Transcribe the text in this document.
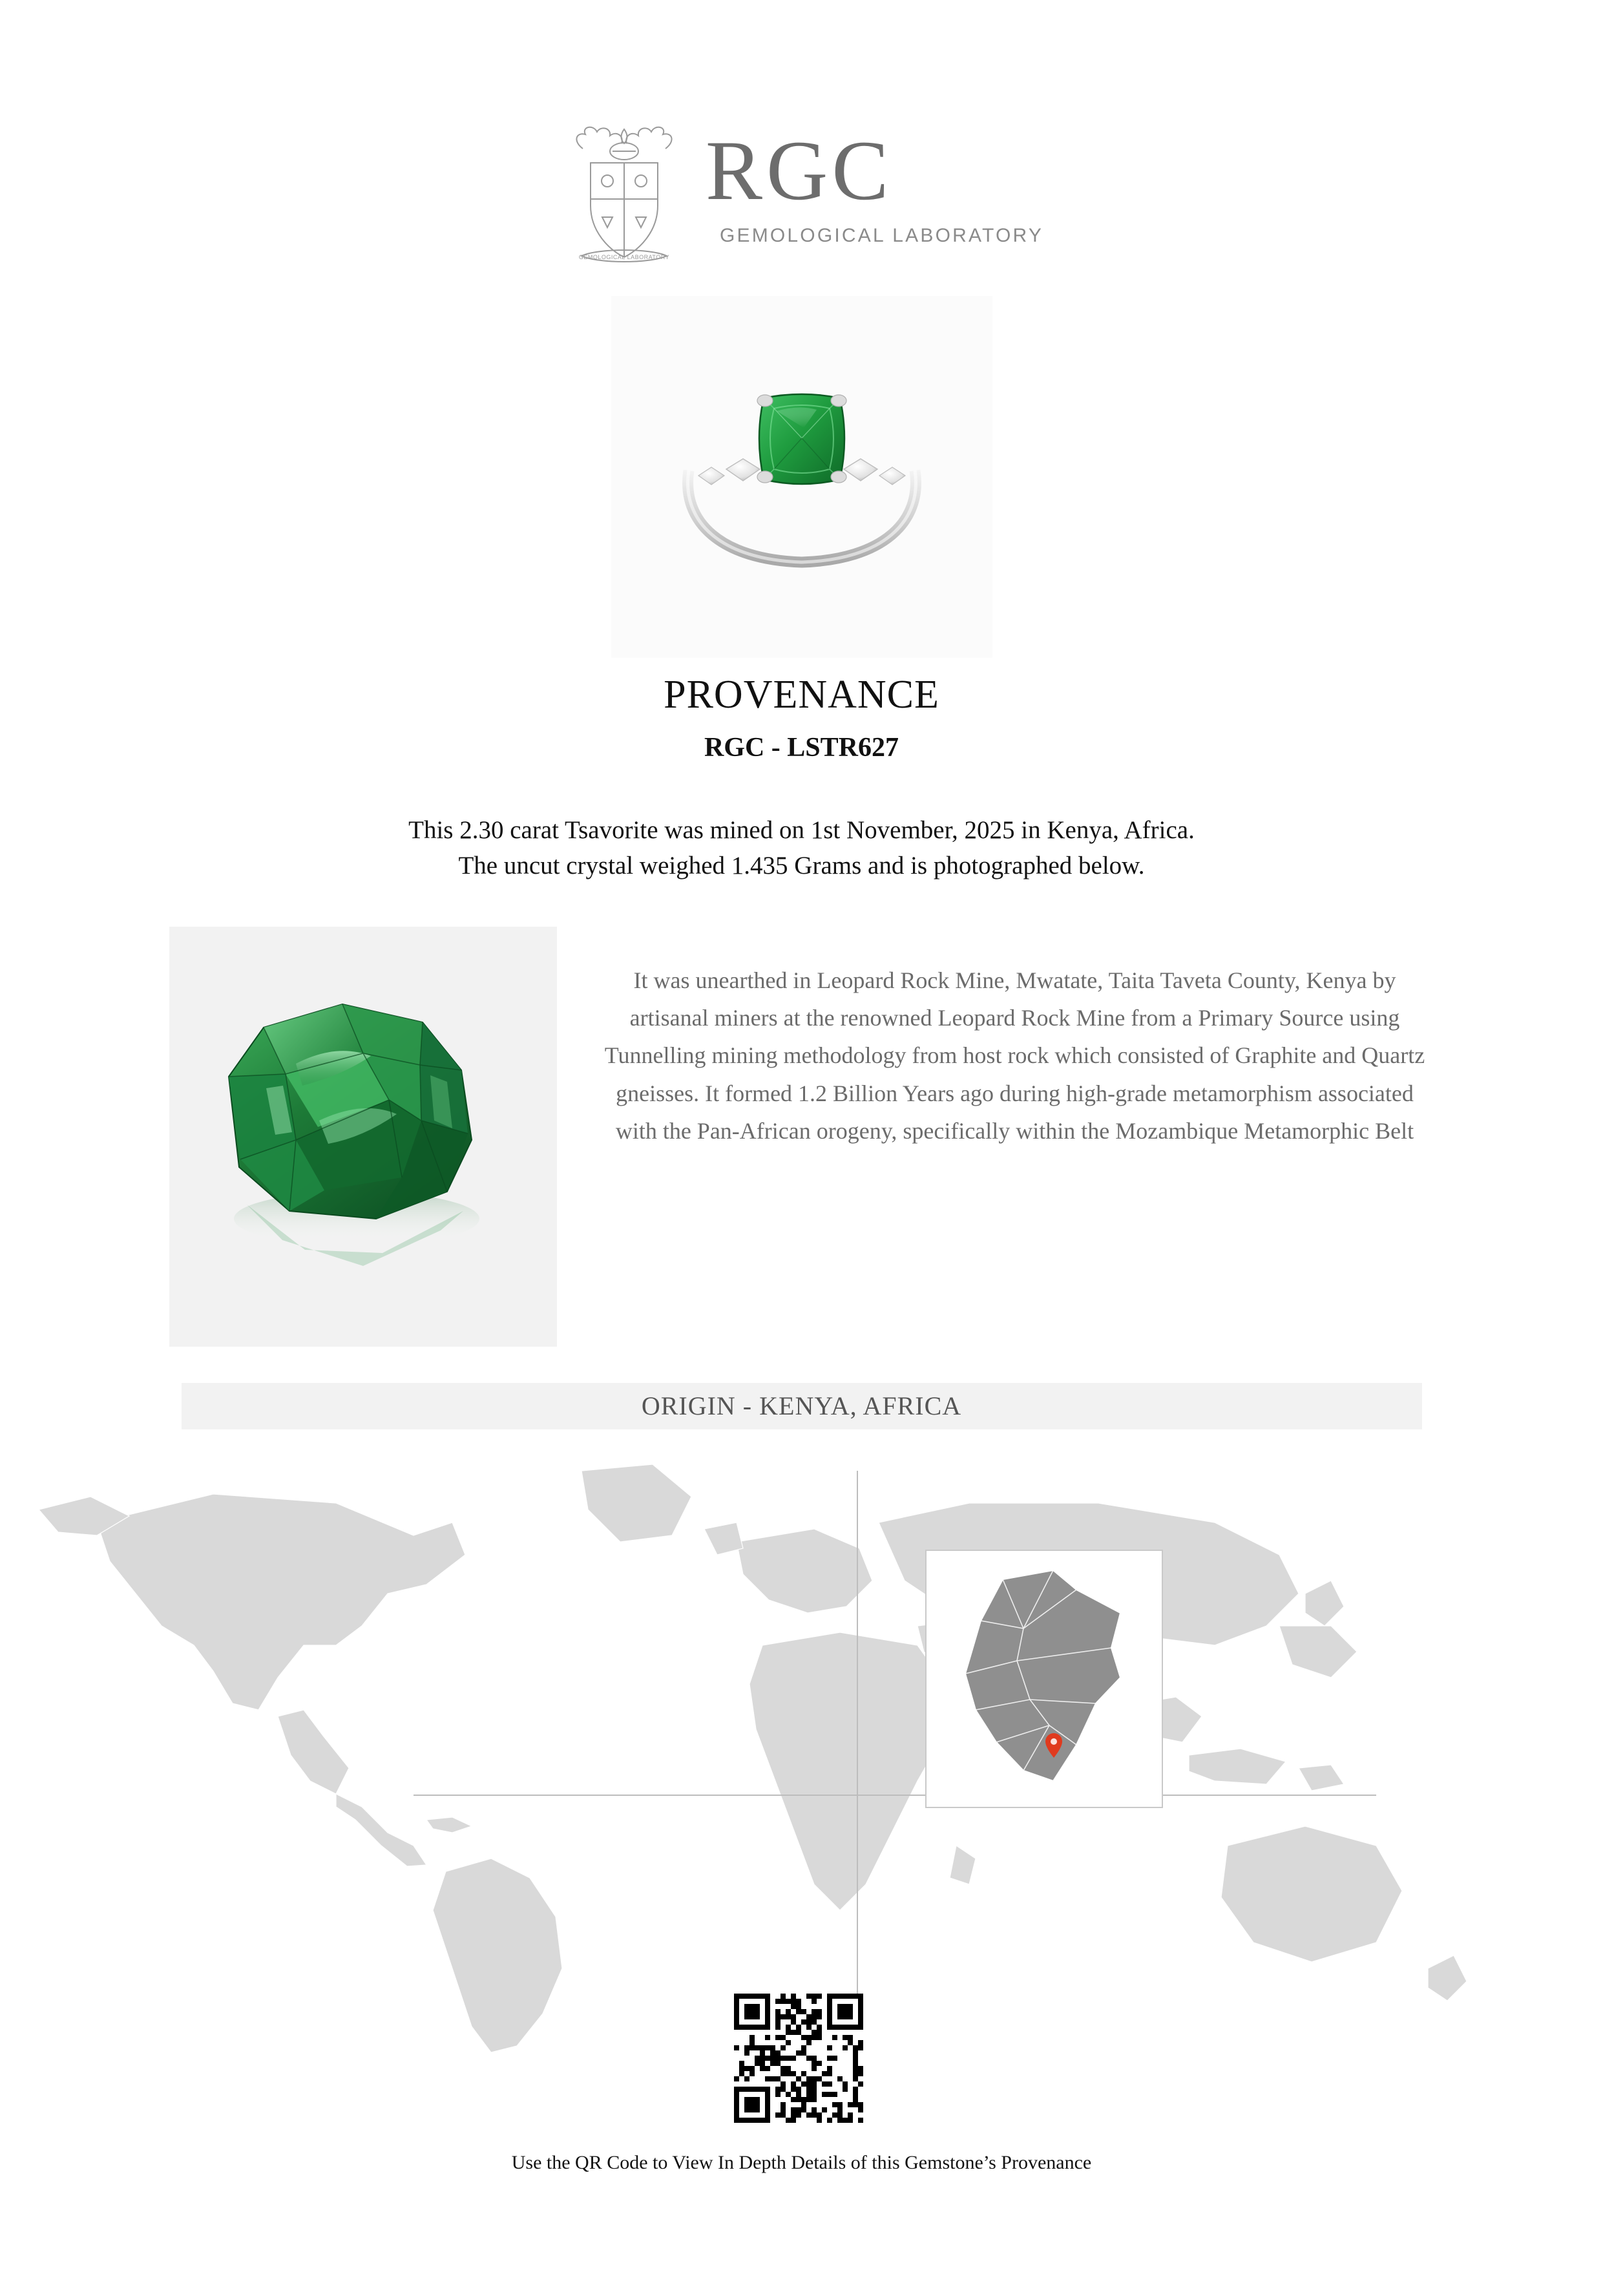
GEMOLOGICAL LABORATORY
RGC
GEMOLOGICAL LABORATORY
PROVENANCE
RGC - LSTR627
This 2.30 carat Tsavorite was mined on 1st November, 2025 in Kenya, Africa.
The uncut crystal weighed 1.435 Grams and is photographed below.
It was unearthed in Leopard Rock Mine, Mwatate, Taita Taveta County, Kenya by artisanal miners at the renowned Leopard Rock Mine from a Primary Source using Tunnelling mining methodology from host rock which consisted of Graphite and Quartz gneisses. It formed 1.2 Billion Years ago during high-grade metamorphism associated with the Pan-African orogeny, specifically within the Mozambique Metamorphic Belt
ORIGIN - KENYA, AFRICA
Use the QR Code to View In Depth Details of this Gemstone’s Provenance
